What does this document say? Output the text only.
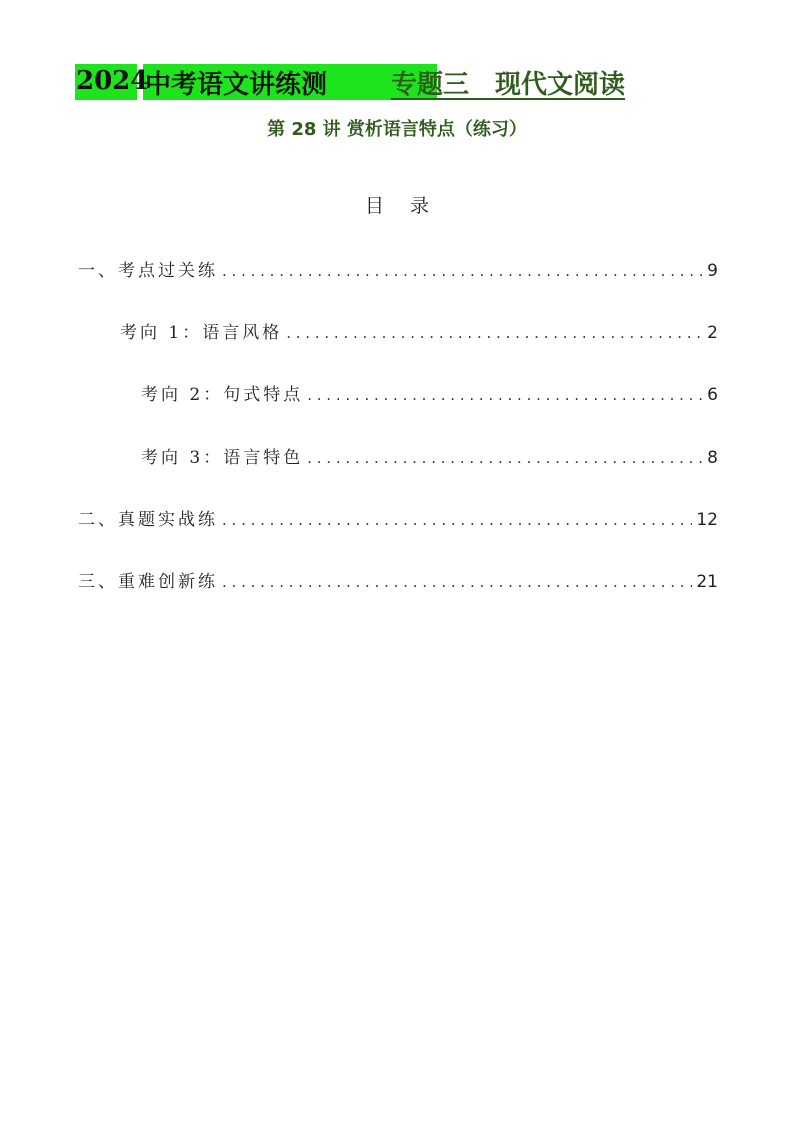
2024
中考语文讲练测 专题三　现代文阅读
第 28 讲 赏析语言特点（练习）
目录
一、考点过关练 . . .	9
考向 1：语言风格 . . .	2
考向 2：句式特点 . . .	6
考向 3：语言特色 . . .	8
二、真题实战练 . . .	12
三、重难创新练 . . .	21
